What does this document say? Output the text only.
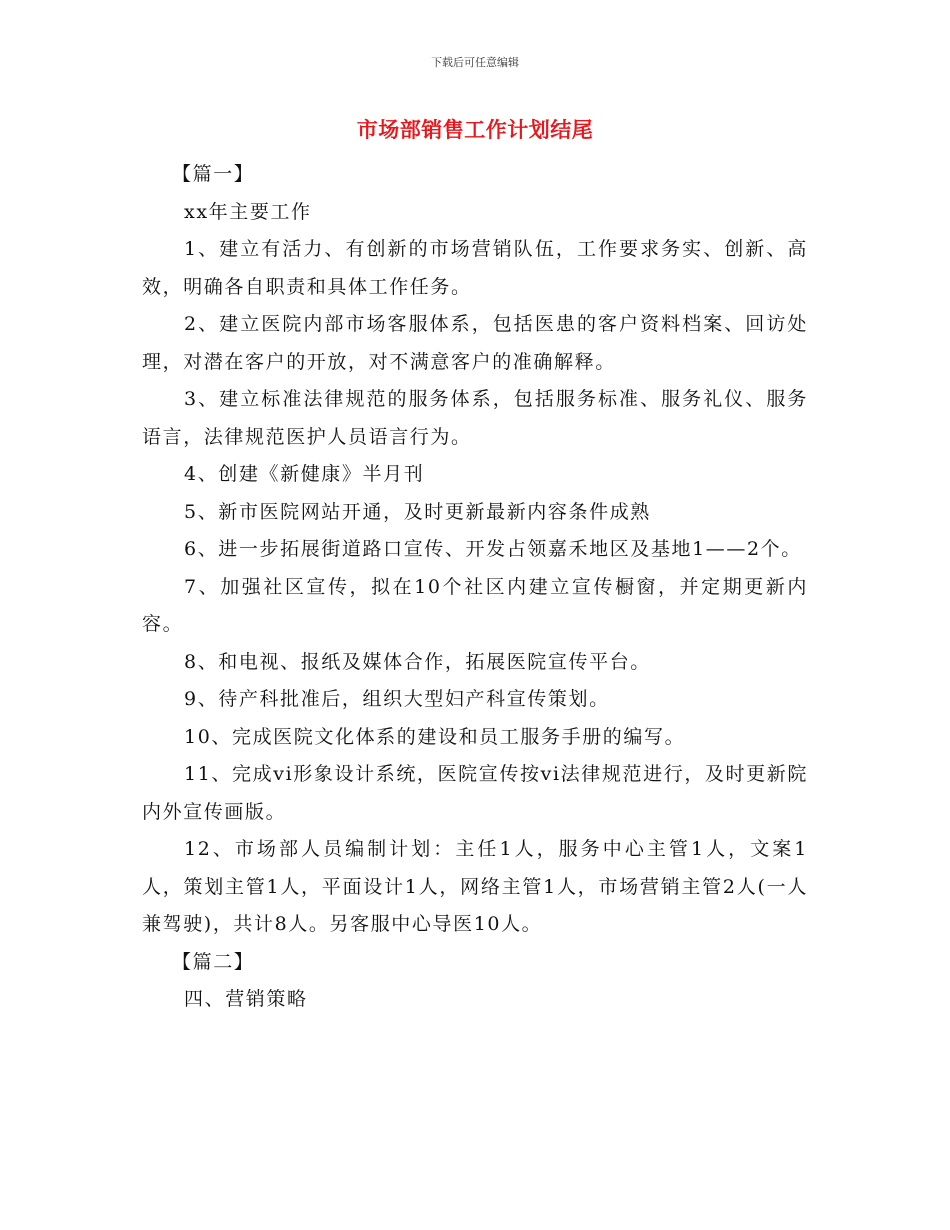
下载后可任意编辑
市场部销售工作计划结尾

【篇一】

xx年主要工作

1、建立有活力、有创新的市场营销队伍，工作要求务实、创新、高效，明确各自职责和具体工作任务。

2、建立医院内部市场客服体系，包括医患的客户资料档案、回访处理，对潜在客户的开放，对不满意客户的准确解释。

3、建立标准法律规范的服务体系，包括服务标准、服务礼仪、服务语言，法律规范医护人员语言行为。

4、创建《新健康》半月刊

5、新市医院网站开通，及时更新最新内容条件成熟

6、进一步拓展街道路口宣传、开发占领嘉禾地区及基地1——2个。

7、加强社区宣传，拟在10个社区内建立宣传橱窗，并定期更新内容。

8、和电视、报纸及媒体合作，拓展医院宣传平台。

9、待产科批准后，组织大型妇产科宣传策划。

10、完成医院文化体系的建设和员工服务手册的编写。

11、完成vi形象设计系统，医院宣传按vi法律规范进行，及时更新院内外宣传画版。

12、市场部人员编制计划：主任1人，服务中心主管1人，文案1人，策划主管1人，平面设计1人，网络主管1人，市场营销主管2人(一人兼驾驶)，共计8人。另客服中心导医10人。

【篇二】

四、营销策略
